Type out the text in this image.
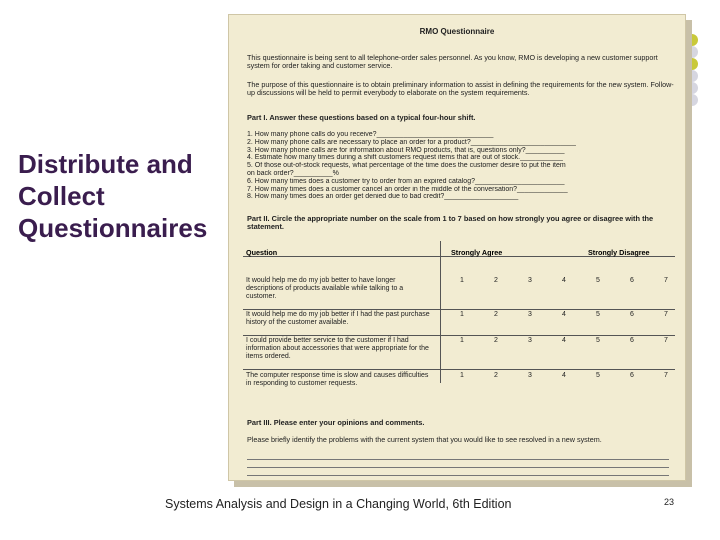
Distribute and Collect Questionnaires
RMO Questionnaire
This questionnaire is being sent to all telephone-order sales personnel. As you know, RMO is developing a new customer support system for order taking and customer service.
The purpose of this questionnaire is to obtain preliminary information to assist in defining the requirements for the new system. Follow-up discussions will be held to permit everybody to elaborate on the system requirements.
Part I. Answer these questions based on a typical four-hour shift.
1. How many phone calls do you receive?______________________________
2. How many phone calls are necessary to place an order for a product?___________________________
3. How many phone calls are for information about RMO products, that is, questions only?__________
4. Estimate how many times during a shift customers request items that are out of stock.___________
5. Of those out-of-stock requests, what percentage of the time does the customer desire to put the item
on back order?__________%
6. How many times does a customer try to order from an expired catalog?_______________________
7. How many times does a customer cancel an order in the middle of the conversation?_____________
8. How many times does an order get denied due to bad credit?___________________
Part II. Circle the appropriate number on the scale from 1 to 7 based on how strongly you agree or disagree with the statement.
Question	Strongly Agree	Strongly Disagree
It would help me do my job better to have longer descriptions of products available while talking to a customer.
1	2	3	4	5	6	7
It would help me do my job better if I had the past purchase history of the customer available.
1	2	3	4	5	6	7
I could provide better service to the customer if I had information about accessories that were appropriate for the items ordered.
1	2	3	4	5	6	7
The computer response time is slow and causes difficulties in responding to customer requests.
1	2	3	4	5	6	7
Part III. Please enter your opinions and comments.
Please briefly identify the problems with the current system that you would like to see resolved in a new system.
Systems Analysis and Design in a Changing World, 6th Edition	23
